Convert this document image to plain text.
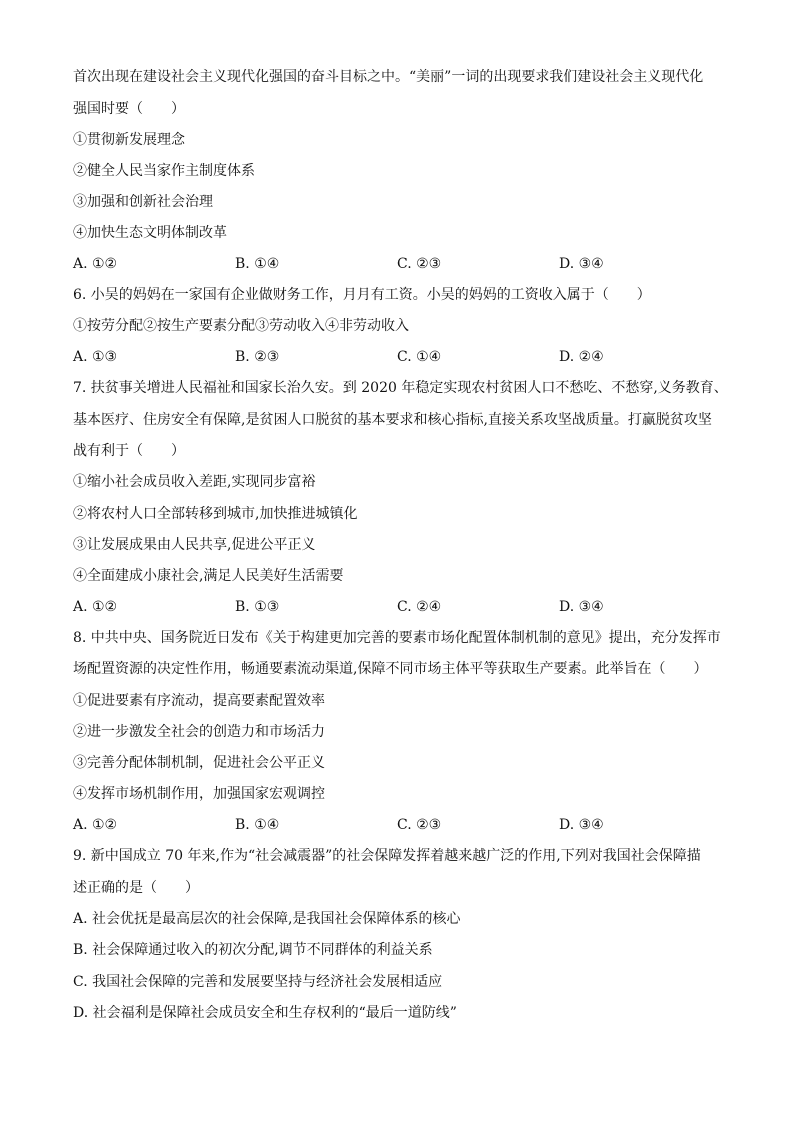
首次出现在建设社会主义现代化强国的奋斗目标之中。“美丽”一词的出现要求我们建设社会主义现代化
强国时要（　　）
①贯彻新发展理念
②健全人民当家作主制度体系
③加强和创新社会治理
④加快生态文明体制改革
A. ①②	B. ①④	C. ②③	D. ③④
6. 小吴的妈妈在一家国有企业做财务工作，月月有工资。小吴的妈妈的工资收入属于（　　）
①按劳分配②按生产要素分配③劳动收入④非劳动收入
A. ①③	B. ②③	C. ①④	D. ②④
7. 扶贫事关增进人民福祉和国家长治久安。到 2020 年稳定实现农村贫困人口不愁吃、不愁穿,义务教育、
基本医疗、住房安全有保障,是贫困人口脱贫的基本要求和核心指标,直接关系攻坚战质量。打赢脱贫攻坚
战有利于（　　）
①缩小社会成员收入差距,实现同步富裕
②将农村人口全部转移到城市,加快推进城镇化
③让发展成果由人民共享,促进公平正义
④全面建成小康社会,满足人民美好生活需要
A. ①②	B. ①③	C. ②④	D. ③④
8. 中共中央、国务院近日发布《关于构建更加完善的要素市场化配置体制机制的意见》提出，充分发挥市
场配置资源的决定性作用，畅通要素流动渠道,保障不同市场主体平等获取生产要素。此举旨在（　　）
①促进要素有序流动，提高要素配置效率
②进一步激发全社会的创造力和市场活力
③完善分配体制机制，促进社会公平正义
④发挥市场机制作用，加强国家宏观调控
A. ①②	B. ①④	C. ②③	D. ③④
9. 新中国成立 70 年来,作为“社会减震器”的社会保障发挥着越来越广泛的作用,下列对我国社会保障描
述正确的是（　　）
A. 社会优抚是最高层次的社会保障,是我国社会保障体系的核心
B. 社会保障通过收入的初次分配,调节不同群体的利益关系
C. 我国社会保障的完善和发展要坚持与经济社会发展相适应
D. 社会福利是保障社会成员安全和生存权利的“最后一道防线”
